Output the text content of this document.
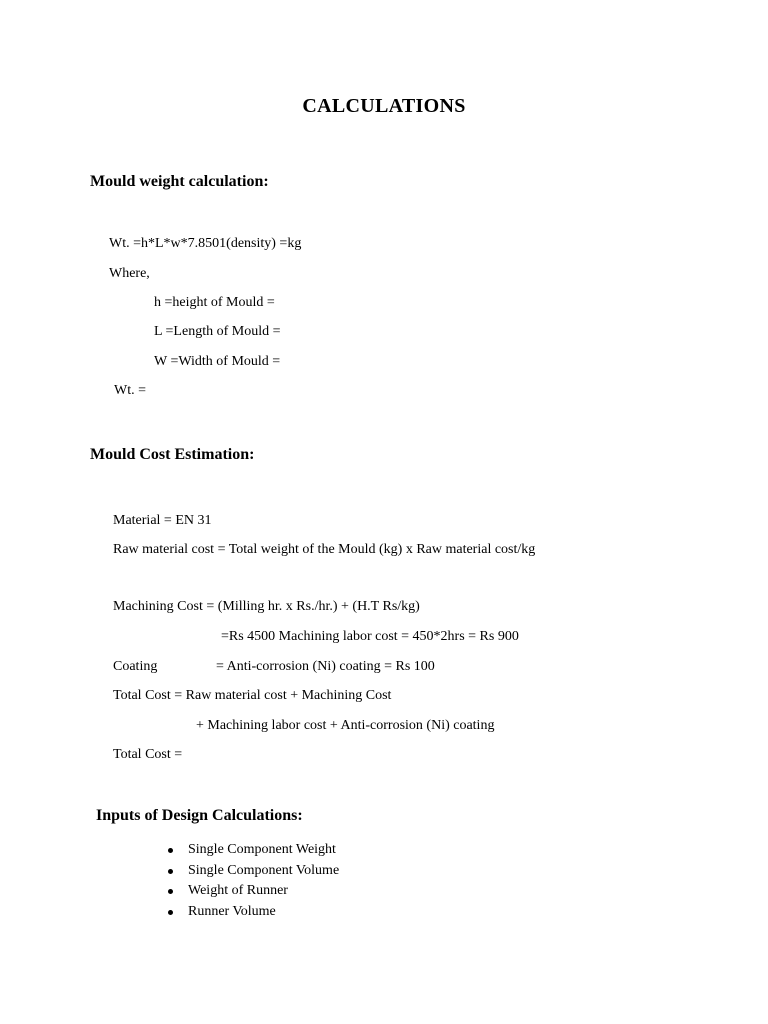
CALCULATIONS
Mould weight calculation:
Wt. =h*L*w*7.8501(density) =kg
Where,
h =height of Mould =
L =Length of Mould =
W =Width of Mould =
Wt. =
Mould Cost Estimation:
Material = EN 31
Raw material cost = Total weight of the Mould (kg) x Raw material cost/kg
Machining Cost = (Milling hr. x Rs./hr.) + (H.T Rs/kg)
=Rs 4500 Machining labor cost = 450*2hrs = Rs 900
Coating	= Anti-corrosion (Ni) coating = Rs 100
Total Cost = Raw material cost + Machining Cost
+ Machining labor cost + Anti-corrosion (Ni) coating
Total Cost =
Inputs of Design Calculations:
Single Component Weight
Single Component Volume
Weight of Runner
Runner Volume
